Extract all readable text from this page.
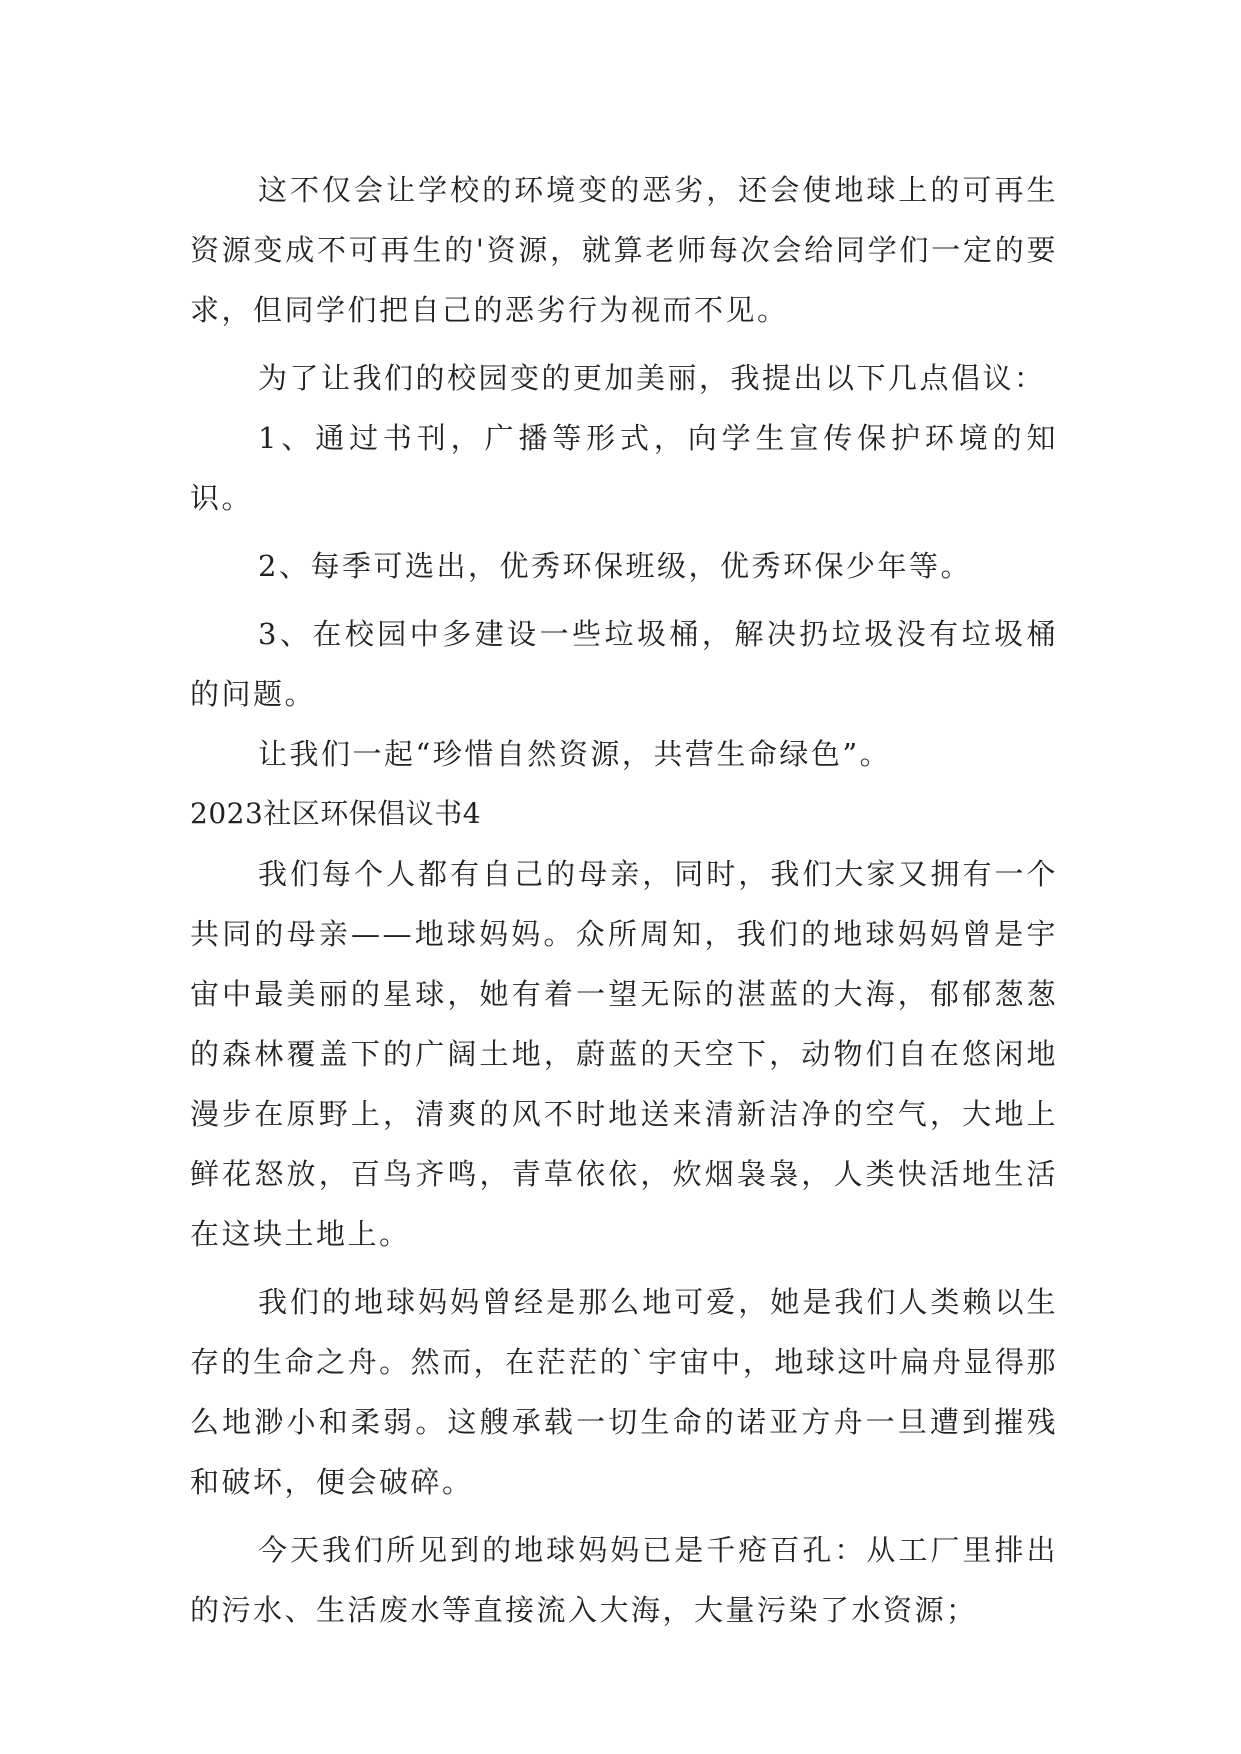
这不仅会让学校的环境变的恶劣，还会使地球上的可再生资源变成不可再生的'资源，就算老师每次会给同学们一定的要求，但同学们把自己的恶劣行为视而不见。

为了让我们的校园变的更加美丽，我提出以下几点倡议：

1、通过书刊，广播等形式，向学生宣传保护环境的知识。

2、每季可选出，优秀环保班级，优秀环保少年等。

3、在校园中多建设一些垃圾桶，解决扔垃圾没有垃圾桶的问题。

让我们一起“珍惜自然资源，共营生命绿色”。

2023社区环保倡议书4

我们每个人都有自己的母亲，同时，我们大家又拥有一个共同的母亲——地球妈妈。众所周知，我们的地球妈妈曾是宇宙中最美丽的星球，她有着一望无际的湛蓝的大海，郁郁葱葱的森林覆盖下的广阔土地，蔚蓝的天空下，动物们自在悠闲地漫步在原野上，清爽的风不时地送来清新洁净的空气，大地上鲜花怒放，百鸟齐鸣，青草依依，炊烟袅袅，人类快活地生活在这块土地上。

我们的地球妈妈曾经是那么地可爱，她是我们人类赖以生存的生命之舟。然而，在茫茫的`宇宙中，地球这叶扁舟显得那么地渺小和柔弱。这艘承载一切生命的诺亚方舟一旦遭到摧残和破坏，便会破碎。

今天我们所见到的地球妈妈已是千疮百孔：从工厂里排出的污水、生活废水等直接流入大海，大量污染了水资源；
